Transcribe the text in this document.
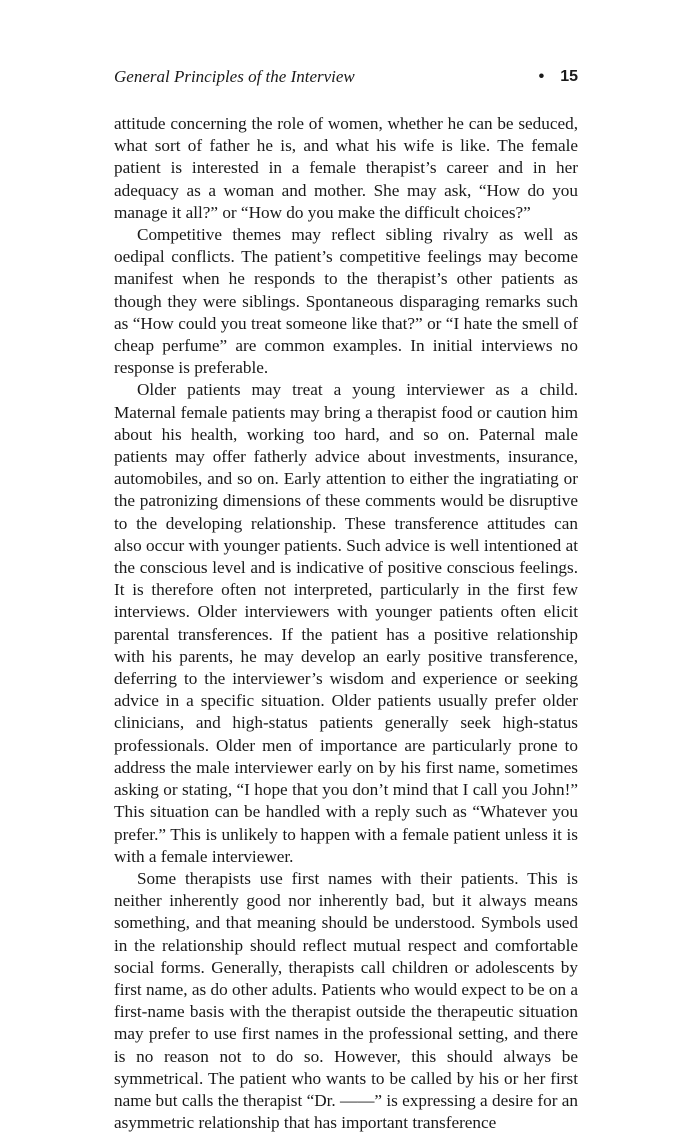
General Principles of the Interview	• 15

attitude concerning the role of women, whether he can be seduced, what sort of father he is, and what his wife is like. The female patient is interested in a female therapist’s career and in her adequacy as a woman and mother. She may ask, “How do you manage it all?” or “How do you make the difficult choices?”

Competitive themes may reflect sibling rivalry as well as oedipal conflicts. The patient’s competitive feelings may become manifest when he responds to the therapist’s other patients as though they were siblings. Spontaneous disparaging remarks such as “How could you treat someone like that?” or “I hate the smell of cheap perfume” are common examples. In initial interviews no response is preferable.

Older patients may treat a young interviewer as a child. Maternal female patients may bring a therapist food or caution him about his health, working too hard, and so on. Paternal male patients may offer fatherly advice about investments, insurance, automobiles, and so on. Early attention to either the ingratiating or the patronizing dimensions of these comments would be disruptive to the developing relationship. These transference attitudes can also occur with younger patients. Such advice is well intentioned at the conscious level and is indicative of positive conscious feelings. It is therefore often not interpreted, particularly in the first few interviews. Older interviewers with younger patients often elicit parental transferences. If the patient has a positive relationship with his parents, he may develop an early positive transference, deferring to the interviewer’s wisdom and experience or seeking advice in a specific situation. Older patients usually prefer older clinicians, and high-status patients generally seek high-status professionals. Older men of importance are particularly prone to address the male interviewer early on by his first name, sometimes asking or stating, “I hope that you don’t mind that I call you John!” This situation can be handled with a reply such as “Whatever you prefer.” This is unlikely to happen with a female patient unless it is with a female interviewer.

Some therapists use first names with their patients. This is neither inherently good nor inherently bad, but it always means something, and that meaning should be understood. Symbols used in the relationship should reflect mutual respect and comfortable social forms. Generally, therapists call children or adolescents by first name, as do other adults. Patients who would expect to be on a first-name basis with the therapist outside the therapeutic situation may prefer to use first names in the professional setting, and there is no reason not to do so. However, this should always be symmetrical. The patient who wants to be called by his or her first name but calls the therapist “Dr. ——” is expressing a desire for an asymmetric relationship that has important transference
